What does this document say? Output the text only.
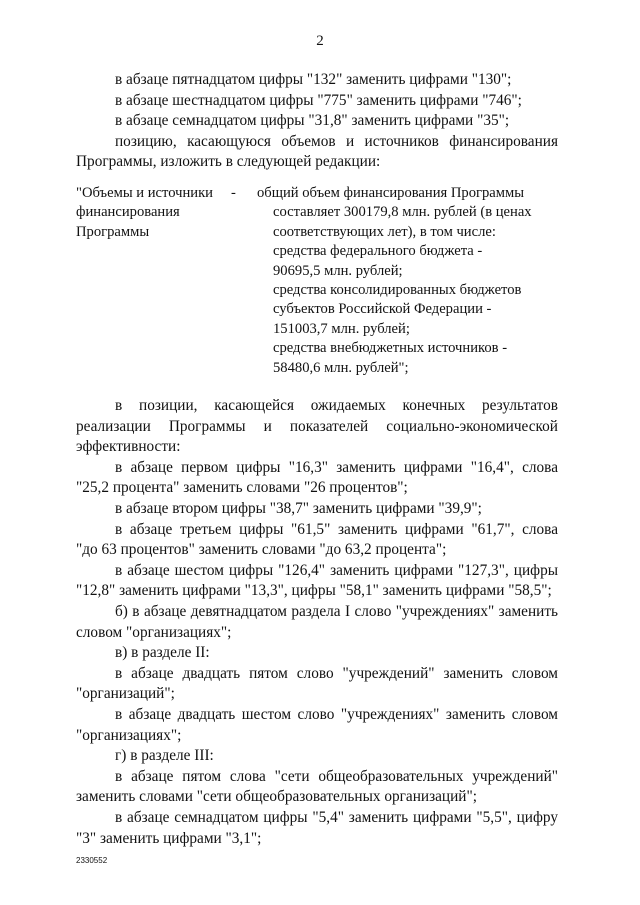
2

в абзаце пятнадцатом цифры "132" заменить цифрами "130";

в абзаце шестнадцатом цифры "775" заменить цифрами "746";

в абзаце семнадцатом цифры "31,8" заменить цифрами "35";

позицию, касающуюся объемов и источников финансирования

Программы, изложить в следующей редакции:

"Объемы и источники финансирования Программы
-	общий объем финансирования Программы
составляет 300179,8 млн. рублей (в ценах
соответствующих лет), в том числе:
средства федерального бюджета -
90695,5 млн. рублей;
средства консолидированных бюджетов
субъектов Российской Федерации -
151003,7 млн. рублей;
средства внебюджетных источников -
58480,6 млн. рублей";

в позиции, касающейся ожидаемых конечных результатов

реализации Программы и показателей социально-экономической

эффективности:

в абзаце первом цифры "16,3" заменить цифрами "16,4", слова

"25,2 процента" заменить словами "26 процентов";

в абзаце втором цифры "38,7" заменить цифрами "39,9";

в абзаце третьем цифры "61,5" заменить цифрами "61,7", слова

"до 63 процентов" заменить словами "до 63,2 процента";

в абзаце шестом цифры "126,4" заменить цифрами "127,3", цифры

"12,8" заменить цифрами "13,3", цифры "58,1" заменить цифрами "58,5";

б) в абзаце девятнадцатом раздела I слово "учреждениях" заменить

словом "организациях";

в) в разделе II:

в абзаце двадцать пятом слово "учреждений" заменить словом

"организаций";

в абзаце двадцать шестом слово "учреждениях" заменить словом

"организациях";

г) в разделе III:

в абзаце пятом слова "сети общеобразовательных учреждений"

заменить словами "сети общеобразовательных организаций";

в абзаце семнадцатом цифры "5,4" заменить цифрами "5,5", цифру

"3" заменить цифрами "3,1";

2330552
